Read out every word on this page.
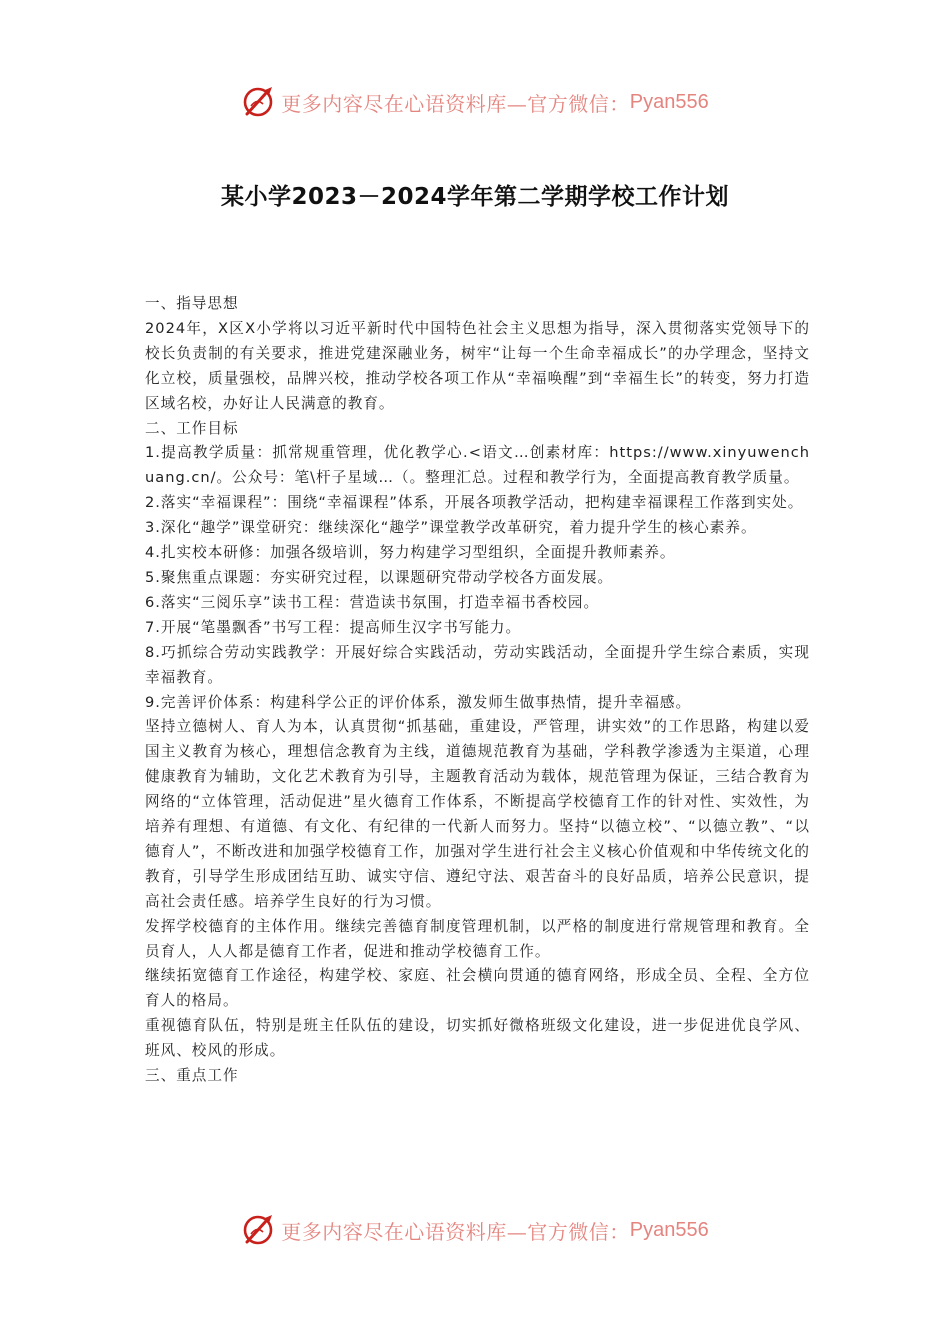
更多内容尽在心语资料库—官方微信： Pyan556
某小学2023－2024学年第二学期学校工作计划

一、指导思想

2024年，X区X小学将以习近平新时代中国特色社会主义思想为指导，深入贯彻落实党领导下的校长负责制的有关要求，推进党建深融业务，树牢“让每一个生命幸福成长”的办学理念，坚持文化立校，质量强校，品牌兴校，推动学校各项工作从“幸福唤醒”到“幸福生长”的转变，努力打造区域名校，办好让人民满意的教育。

二、工作目标

1.提高教学质量：抓常规重管理，优化教学心.<语文…创素材库：https://www.xinyuwenchuang.cn/。公众号：笔\杆子星域…（。整理汇总。过程和教学行为，全面提高教育教学质量。

2.落实“幸福课程”：围绕“幸福课程”体系，开展各项教学活动，把构建幸福课程工作落到实处。

3.深化“趣学”课堂研究：继续深化“趣学”课堂教学改革研究，着力提升学生的核心素养。

4.扎实校本研修：加强各级培训，努力构建学习型组织，全面提升教师素养。

5.聚焦重点课题：夯实研究过程，以课题研究带动学校各方面发展。

6.落实“三阅乐享”读书工程：营造读书氛围，打造幸福书香校园。

7.开展“笔墨飘香”书写工程：提高师生汉字书写能力。

8.巧抓综合劳动实践教学：开展好综合实践活动，劳动实践活动，全面提升学生综合素质，实现幸福教育。

9.完善评价体系：构建科学公正的评价体系，激发师生做事热情，提升幸福感。

坚持立德树人、育人为本，认真贯彻“抓基础，重建设，严管理，讲实效”的工作思路，构建以爱国主义教育为核心，理想信念教育为主线，道德规范教育为基础，学科教学渗透为主渠道，心理健康教育为辅助，文化艺术教育为引导，主题教育活动为载体，规范管理为保证，三结合教育为网络的“立体管理，活动促进”星火德育工作体系，不断提高学校德育工作的针对性、实效性，为培养有理想、有道德、有文化、有纪律的一代新人而努力。坚持“以德立校”、“以德立教”、“以德育人”，不断改进和加强学校德育工作，加强对学生进行社会主义核心价值观和中华传统文化的教育，引导学生形成团结互助、诚实守信、遵纪守法、艰苦奋斗的良好品质，培养公民意识，提高社会责任感。培养学生良好的行为习惯。

发挥学校德育的主体作用。继续完善德育制度管理机制，以严格的制度进行常规管理和教育。全员育人，人人都是德育工作者，促进和推动学校德育工作。

继续拓宽德育工作途径，构建学校、家庭、社会横向贯通的德育网络，形成全员、全程、全方位育人的格局。

重视德育队伍，特别是班主任队伍的建设，切实抓好微格班级文化建设，进一步促进优良学风、班风、校风的形成。

三、重点工作

更多内容尽在心语资料库—官方微信： Pyan556
